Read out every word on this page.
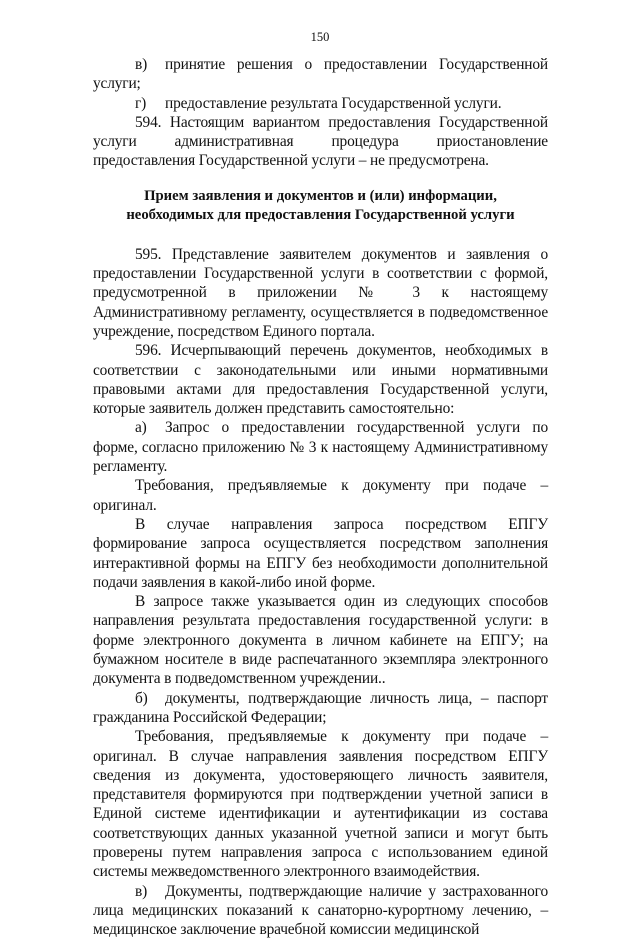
150

в) принятие решения о предоставлении Государственной услуги;

г) предоставление результата Государственной услуги.

594. Настоящим вариантом предоставления Государственной услуги административная процедура приостановление предоставления Государственной услуги – не предусмотрена.

Прием заявления и документов и (или) информации,
необходимых для предоставления Государственной услуги

595. Представление заявителем документов и заявления о предоставлении Государственной услуги в соответствии с формой, предусмотренной в приложении № 3 к настоящему Административному регламенту, осуществляется в подведомственное учреждение, посредством Единого портала.

596. Исчерпывающий перечень документов, необходимых в соответствии с законодательными или иными нормативными правовыми актами для предоставления Государственной услуги, которые заявитель должен представить самостоятельно:

а) Запрос о предоставлении государственной услуги по форме, согласно приложению № 3 к настоящему Административному регламенту.

Требования, предъявляемые к документу при подаче – оригинал.

В случае направления запроса посредством ЕПГУ формирование запроса осуществляется посредством заполнения интерактивной формы на ЕПГУ без необходимости дополнительной подачи заявления в какой-либо иной форме.

В запросе также указывается один из следующих способов направления результата предоставления государственной услуги: в форме электронного документа в личном кабинете на ЕПГУ; на бумажном носителе в виде распечатанного экземпляра электронного документа в подведомственном учреждении..

б) документы, подтверждающие личность лица, – паспорт гражданина Российской Федерации;

Требования, предъявляемые к документу при подаче – оригинал. В случае направления заявления посредством ЕПГУ сведения из документа, удостоверяющего личность заявителя, представителя формируются при подтверждении учетной записи в Единой системе идентификации и аутентификации из состава соответствующих данных указанной учетной записи и могут быть проверены путем направления запроса с использованием единой системы межведомственного электронного взаимодействия.

в) Документы, подтверждающие наличие у застрахованного лица медицинских показаний к санаторно-курортному лечению, – медицинское заключение врачебной комиссии медицинской
